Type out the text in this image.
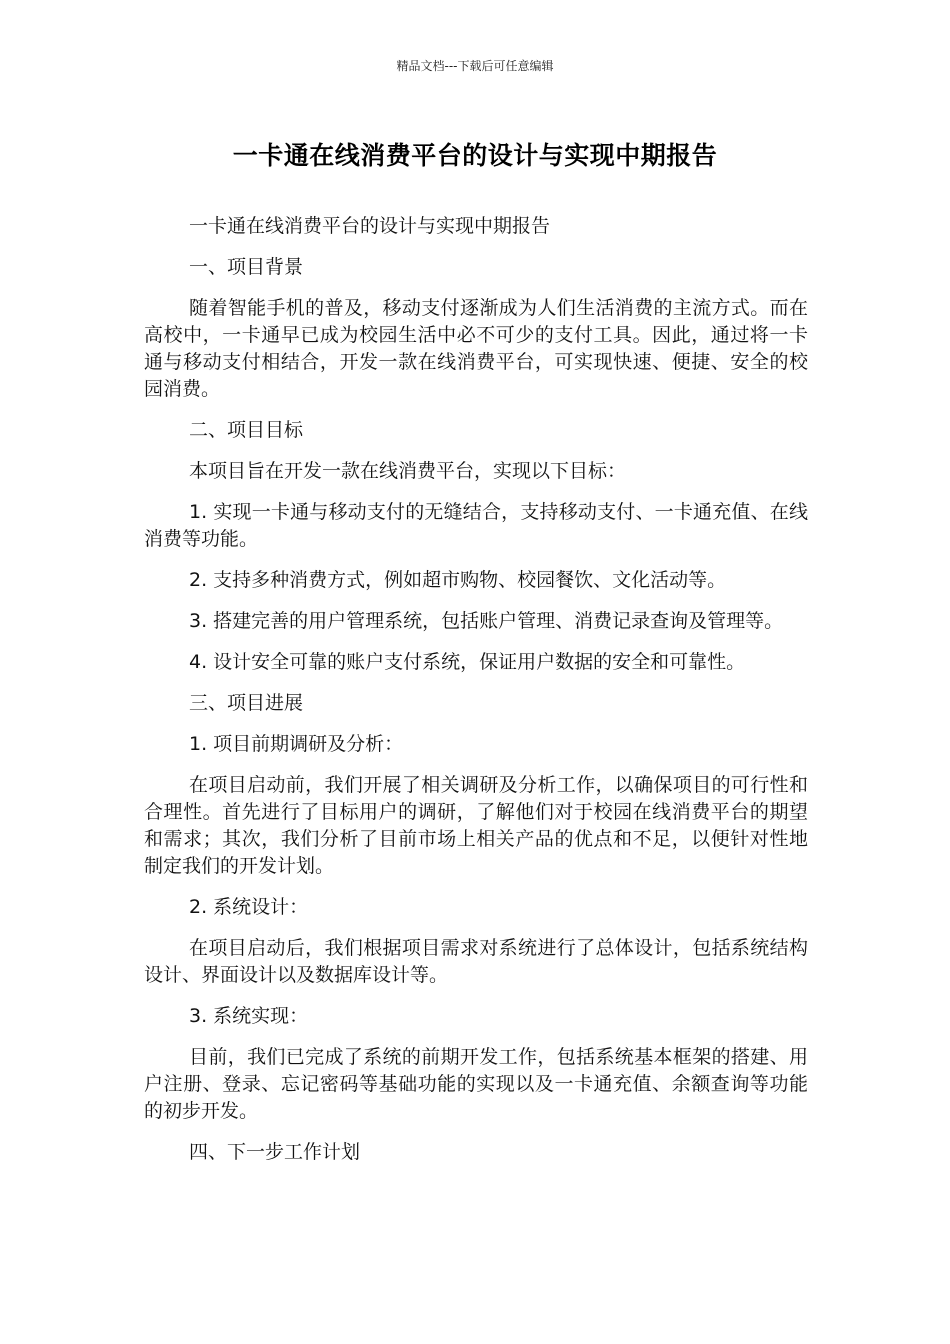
精品文档---下载后可任意编辑
一卡通在线消费平台的设计与实现中期报告

一卡通在线消费平台的设计与实现中期报告

一、项目背景

随着智能手机的普及，移动支付逐渐成为人们生活消费的主流方式。而在高校中，一卡通早已成为校园生活中必不可少的支付工具。因此，通过将一卡通与移动支付相结合，开发一款在线消费平台，可实现快速、便捷、安全的校园消费。

二、项目目标

本项目旨在开发一款在线消费平台，实现以下目标：

1. 实现一卡通与移动支付的无缝结合，支持移动支付、一卡通充值、在线消费等功能。

2. 支持多种消费方式，例如超市购物、校园餐饮、文化活动等。

3. 搭建完善的用户管理系统，包括账户管理、消费记录查询及管理等。

4. 设计安全可靠的账户支付系统，保证用户数据的安全和可靠性。

三、项目进展

1. 项目前期调研及分析：

在项目启动前，我们开展了相关调研及分析工作，以确保项目的可行性和合理性。首先进行了目标用户的调研，了解他们对于校园在线消费平台的期望和需求；其次，我们分析了目前市场上相关产品的优点和不足，以便针对性地制定我们的开发计划。

2. 系统设计：

在项目启动后，我们根据项目需求对系统进行了总体设计，包括系统结构设计、界面设计以及数据库设计等。

3. 系统实现：

目前，我们已完成了系统的前期开发工作，包括系统基本框架的搭建、用户注册、登录、忘记密码等基础功能的实现以及一卡通充值、余额查询等功能的初步开发。

四、下一步工作计划
